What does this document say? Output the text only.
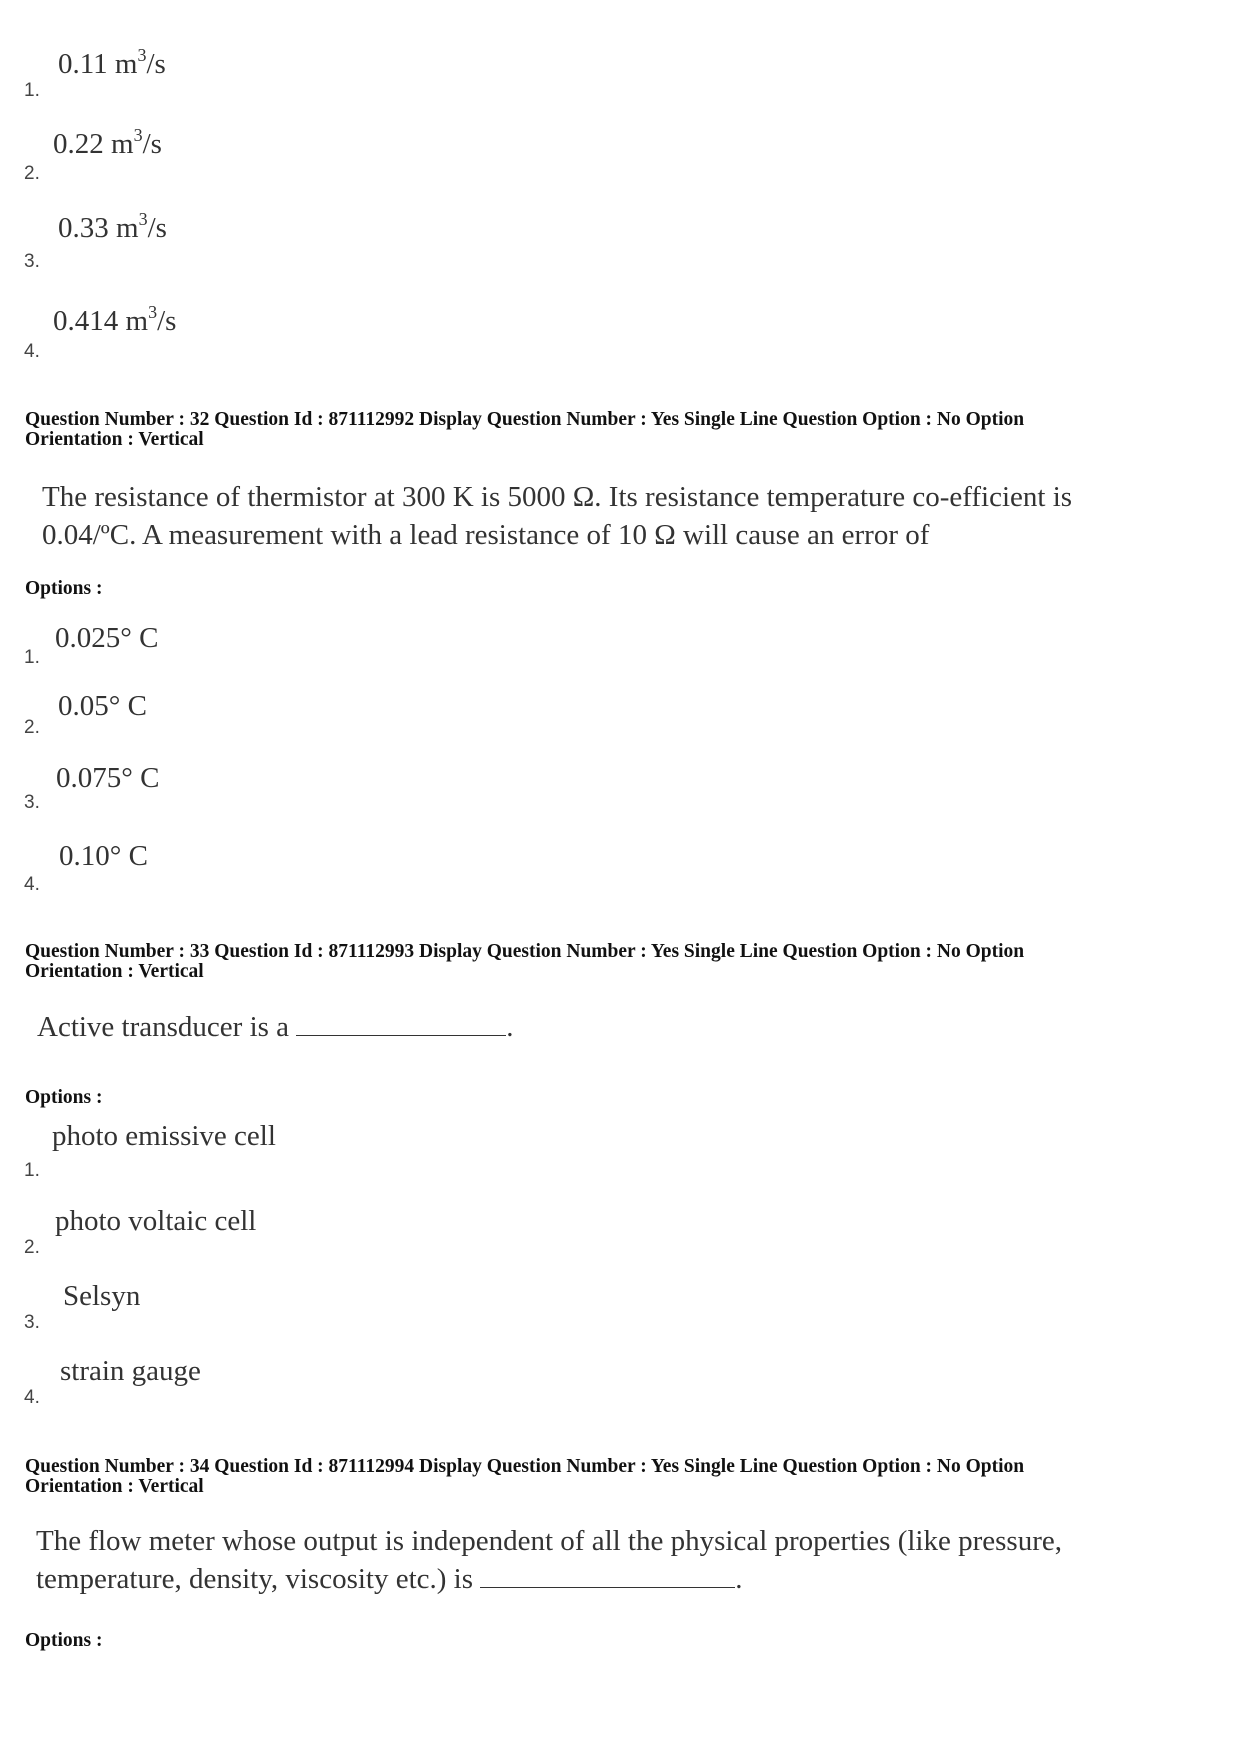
0.11 $m^3/s$
1.
0.22 $m^3/s$
2.
0.33 $m^3/s$
3.
0.414 $m^3/s$
4.
Question Number : 32 Question Id : 871112992 Display Question Number : Yes Single Line Question Option : No Option
Orientation : Vertical
The resistance of thermistor at 300 K is 5000 Ω. Its resistance temperature co-efficient is
0.04/ºC. A measurement with a lead resistance of 10 Ω will cause an error of
Options :
0.025° C
1.
0.05° C
2.
0.075° C
3.
0.10° C
4.
Question Number : 33 Question Id : 871112993 Display Question Number : Yes Single Line Question Option : No Option
Orientation : Vertical
Active transducer is a	.
Options :
photo emissive cell
1.
photo voltaic cell
2.
Selsyn
3.
strain gauge
4.
Question Number : 34 Question Id : 871112994 Display Question Number : Yes Single Line Question Option : No Option
Orientation : Vertical
The flow meter whose output is independent of all the physical properties (like pressure,
temperature, density, viscosity etc.) is	.
Options :
